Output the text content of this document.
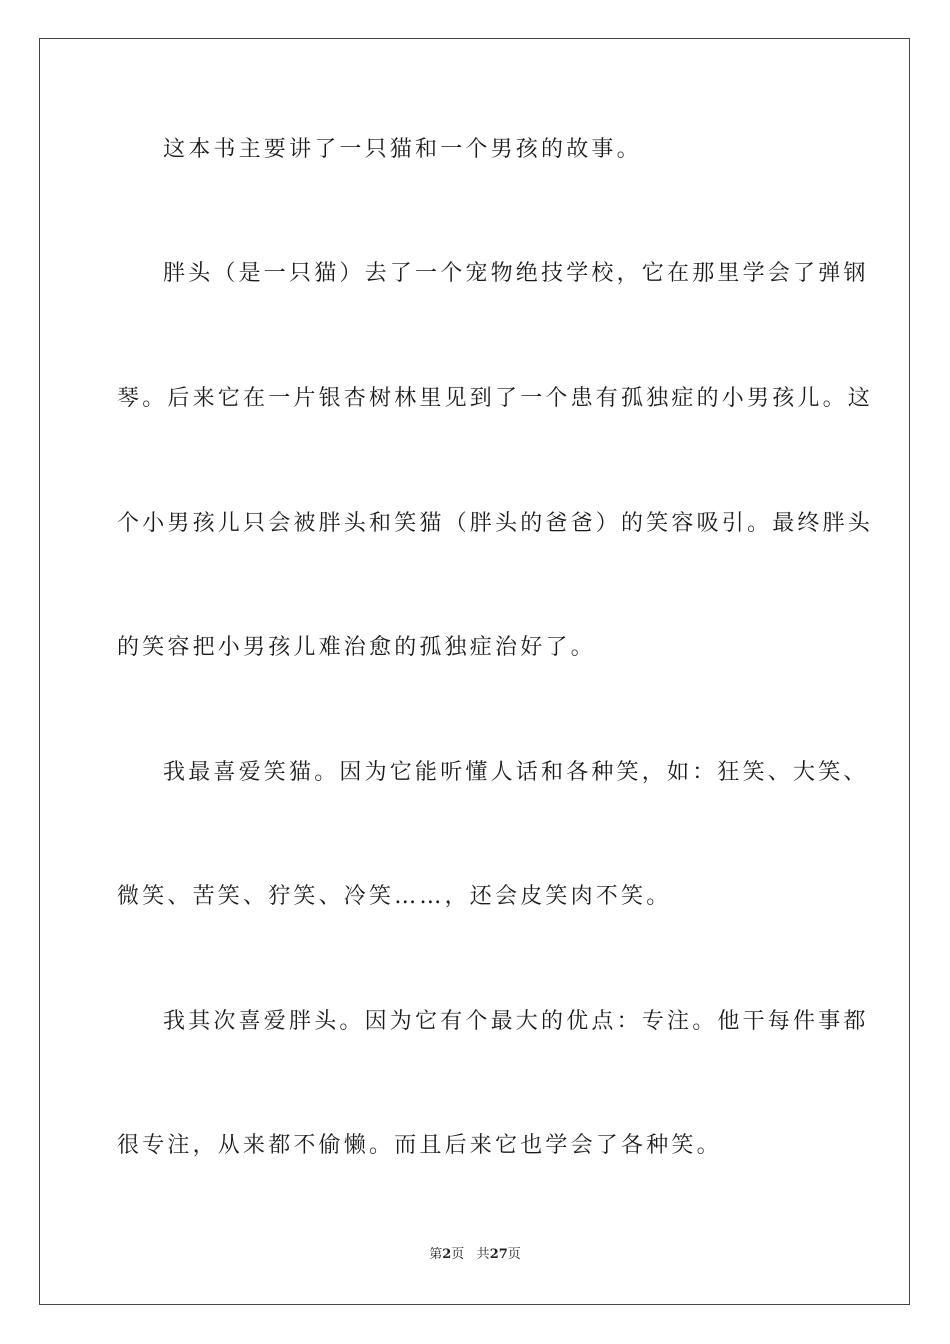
这本书主要讲了一只猫和一个男孩的故事。
胖头（是一只猫）去了一个宠物绝技学校，它在那里学会了弹钢
琴。后来它在一片银杏树林里见到了一个患有孤独症的小男孩儿。这
个小男孩儿只会被胖头和笑猫（胖头的爸爸）的笑容吸引。最终胖头
的笑容把小男孩儿难治愈的孤独症治好了。
我最喜爱笑猫。因为它能听懂人话和各种笑，如：狂笑、大笑、
微笑、苦笑、狞笑、冷笑……，还会皮笑肉不笑。
我其次喜爱胖头。因为它有个最大的优点：专注。他干每件事都
很专注，从来都不偷懒。而且后来它也学会了各种笑。
第2页 共27页
